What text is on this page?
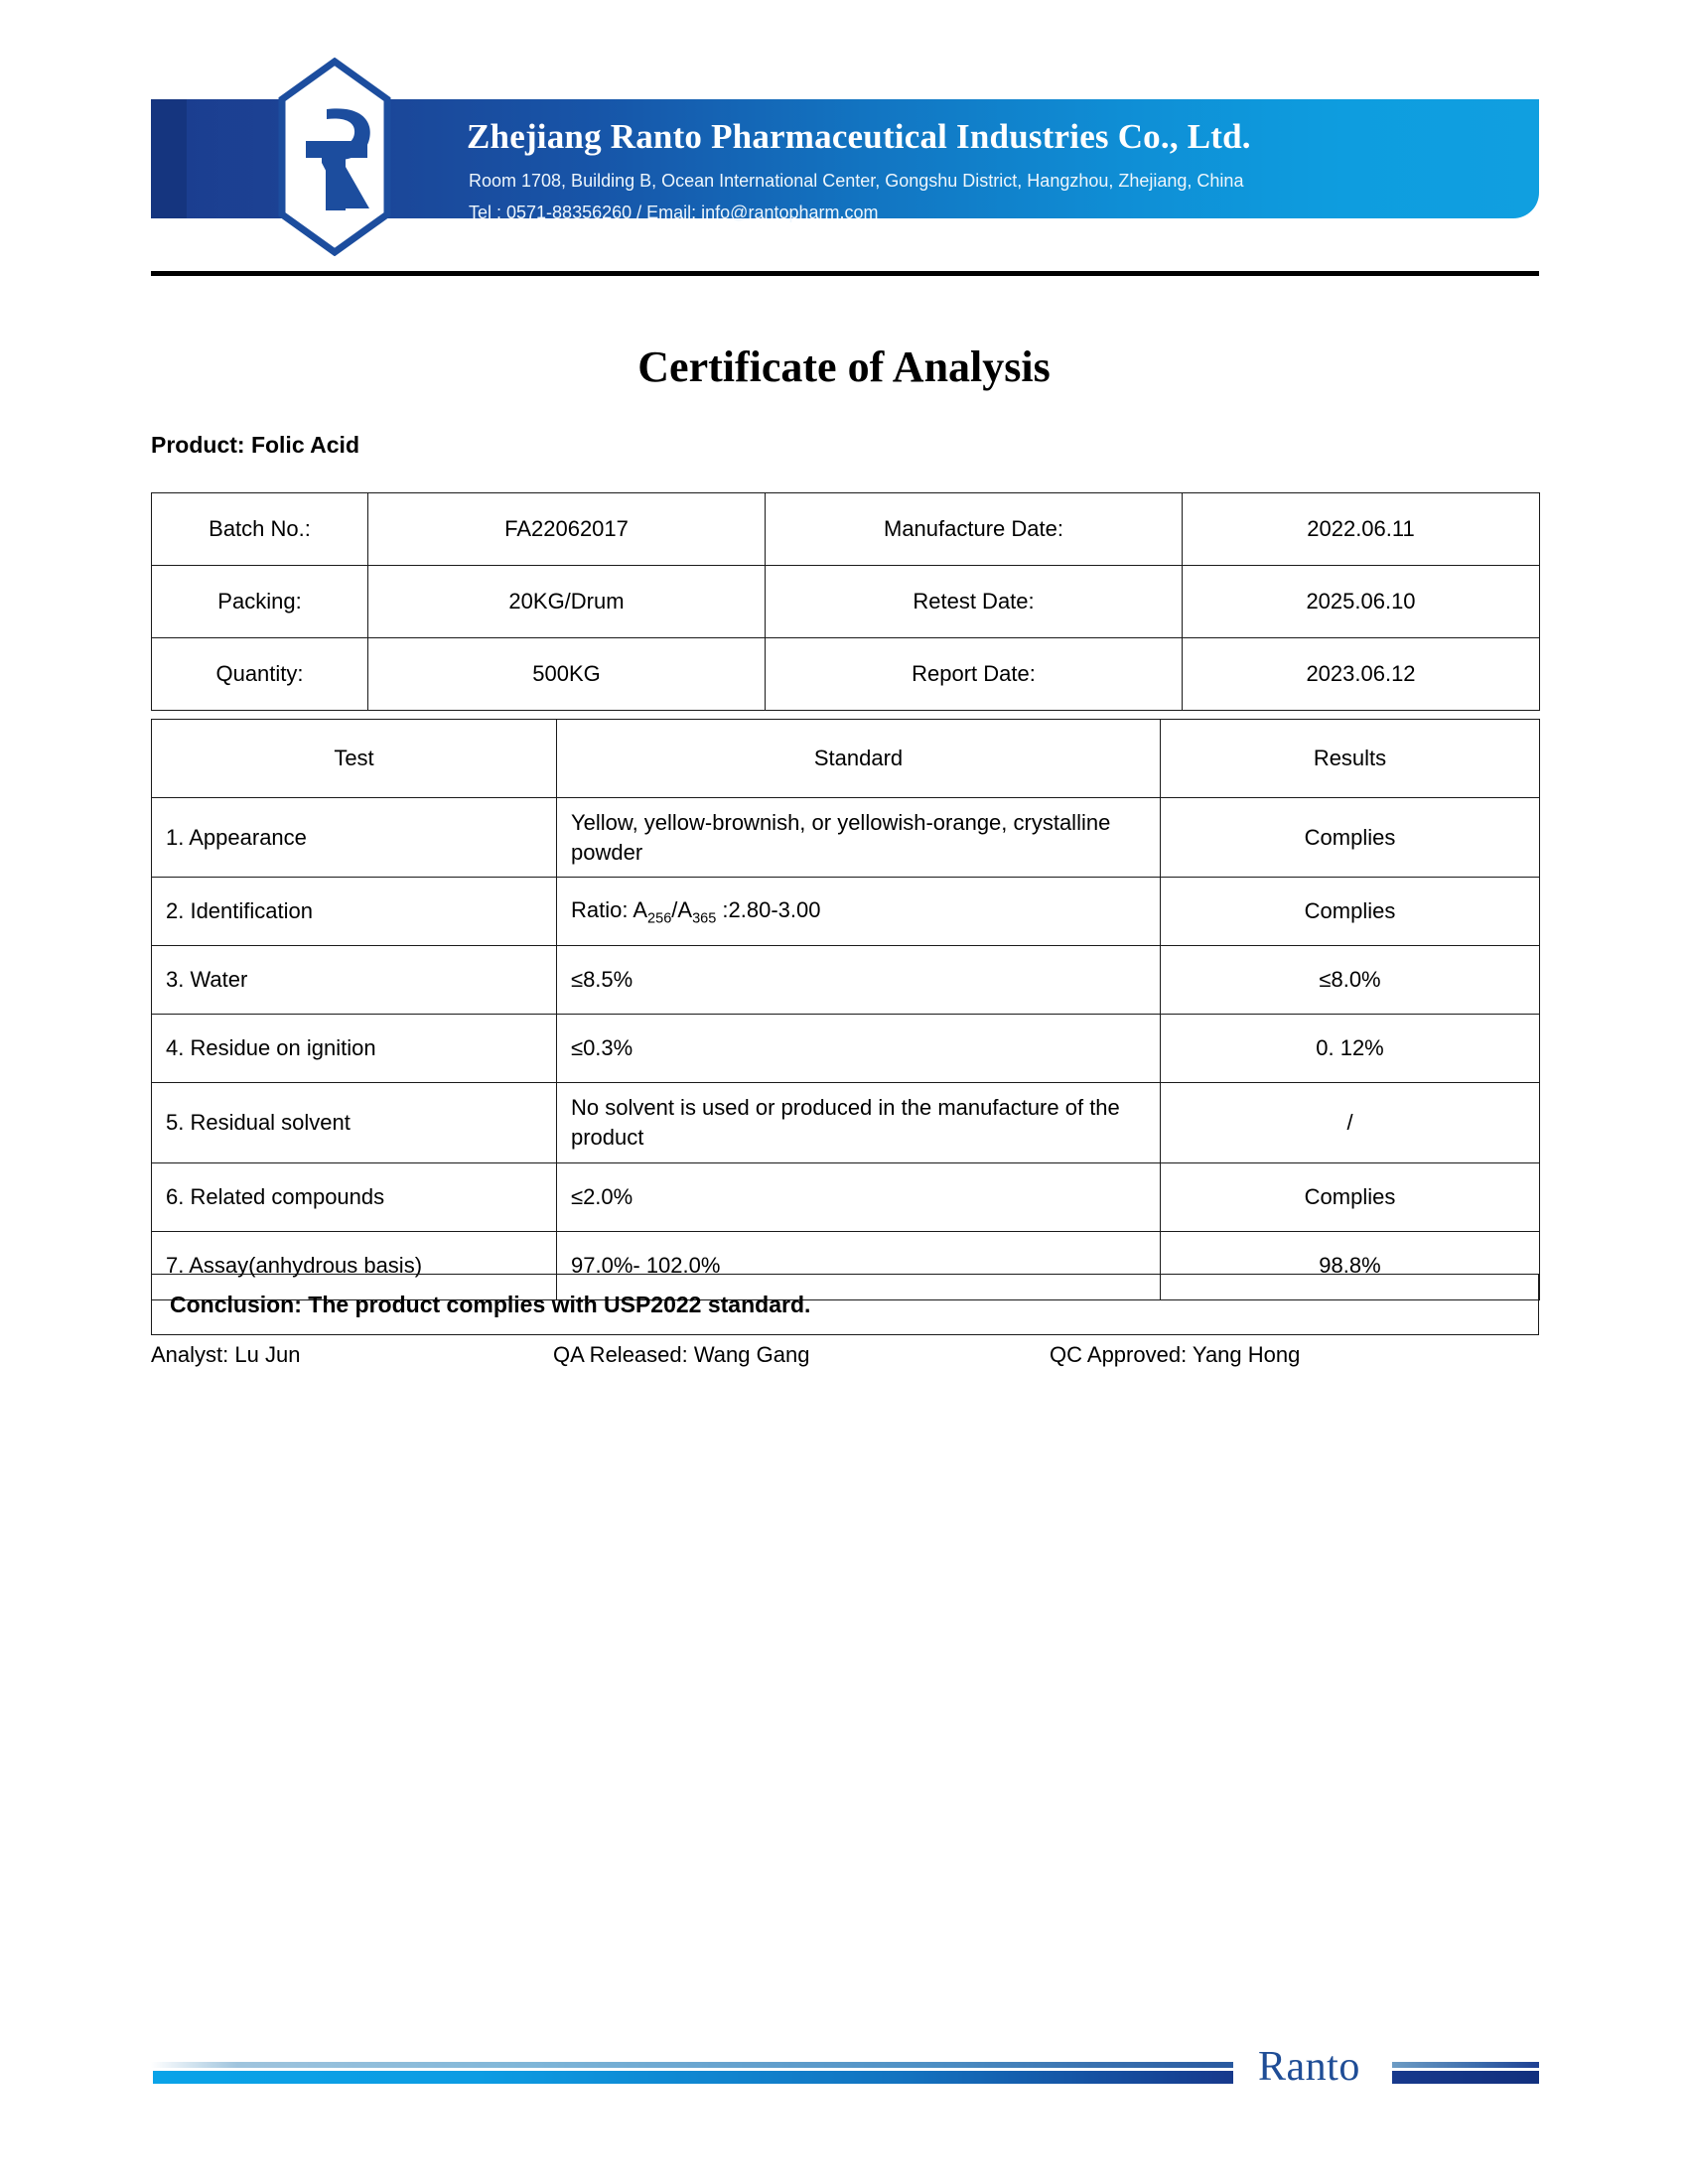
Zhejiang Ranto Pharmaceutical Industries Co., Ltd.
Room 1708, Building B, Ocean International Center, Gongshu District, Hangzhou, Zhejiang, China
Tel : 0571-88356260 / Email: info@rantopharm.com
Certificate of Analysis
Product: Folic Acid
Batch No.:	FA22062017	Manufacture Date:	2022.06.11
Packing:	20KG/Drum	Retest Date:	2025.06.10
Quantity:	500KG	Report Date:	2023.06.12
Test	Standard	Results
1. Appearance	Yellow, yellow-brownish, or yellowish-orange, crystalline powder	Complies
2. Identification	Ratio: $A_{256}/A_{365}$ :2.80-3.00	Complies
3. Water	≤8.5%	≤8.0%
4. Residue on ignition	≤0.3%	0. 12%
5. Residual solvent	No solvent is used or produced in the manufacture of the product	/
6. Related compounds	≤2.0%	Complies
7. Assay(anhydrous basis)	97.0%- 102.0%	98.8%
Conclusion: The product complies with USP2022 standard.
Analyst: Lu Jun	QA Released: Wang Gang	QC Approved: Yang Hong
Ranto
